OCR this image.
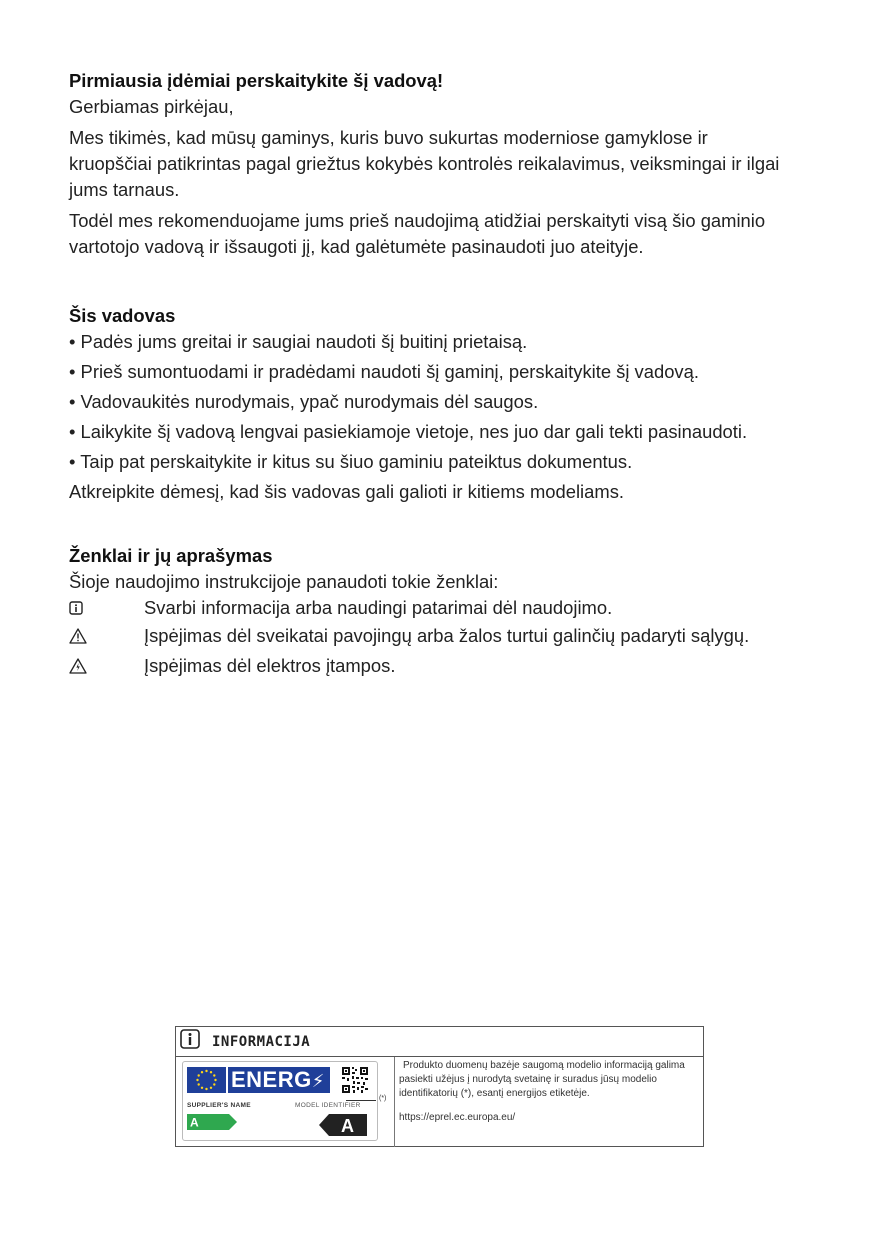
Pirmiausia įdėmiai perskaitykite šį vadovą!

Gerbiamas pirkėjau,

Mes tikimės, kad mūsų gaminys, kuris buvo sukurtas moderniose gamyklose ir kruopščiai patikrintas pagal griežtus kokybės kontrolės reikalavimus, veiksmingai ir ilgai jums tarnaus.

Todėl mes rekomenduojame jums prieš naudojimą atidžiai perskaityti visą šio gaminio vartotojo vadovą ir išsaugoti jį, kad galėtumėte pasinaudoti juo ateityje.

Šis vadovas

• Padės jums greitai ir saugiai naudoti šį buitinį prietaisą.

• Prieš sumontuodami ir pradėdami naudoti šį gaminį, perskaitykite šį vadovą.

• Vadovaukitės nurodymais, ypač nurodymais dėl saugos.

• Laikykite šį vadovą lengvai pasiekiamoje vietoje, nes juo dar gali tekti pasinaudoti.

• Taip pat perskaitykite ir kitus su šiuo gaminiu pateiktus dokumentus.

Atkreipkite dėmesį, kad šis vadovas gali galioti ir kitiems modeliams.

Ženklai ir jų aprašymas

Šioje naudojimo instrukcijoje panaudoti tokie ženklai:

Svarbi informacija arba naudingi patarimai dėl naudojimo.
Įspėjimas dėl sveikatai pavojingų arba žalos turtui galinčių padaryti sąlygų.
Įspėjimas dėl elektros įtampos.
INFORMACIJA
ENERG⚡
SUPPLIER'S NAME	MODEL IDENTIFIER
A	A
(*)

Produkto duomenų bazėje saugomą modelio informaciją galima pasiekti užėjus į nurodytą svetainę ir suradus jūsų modelio identifikatorių (*), esantį energijos etiketėje.

https://eprel.ec.europa.eu/
